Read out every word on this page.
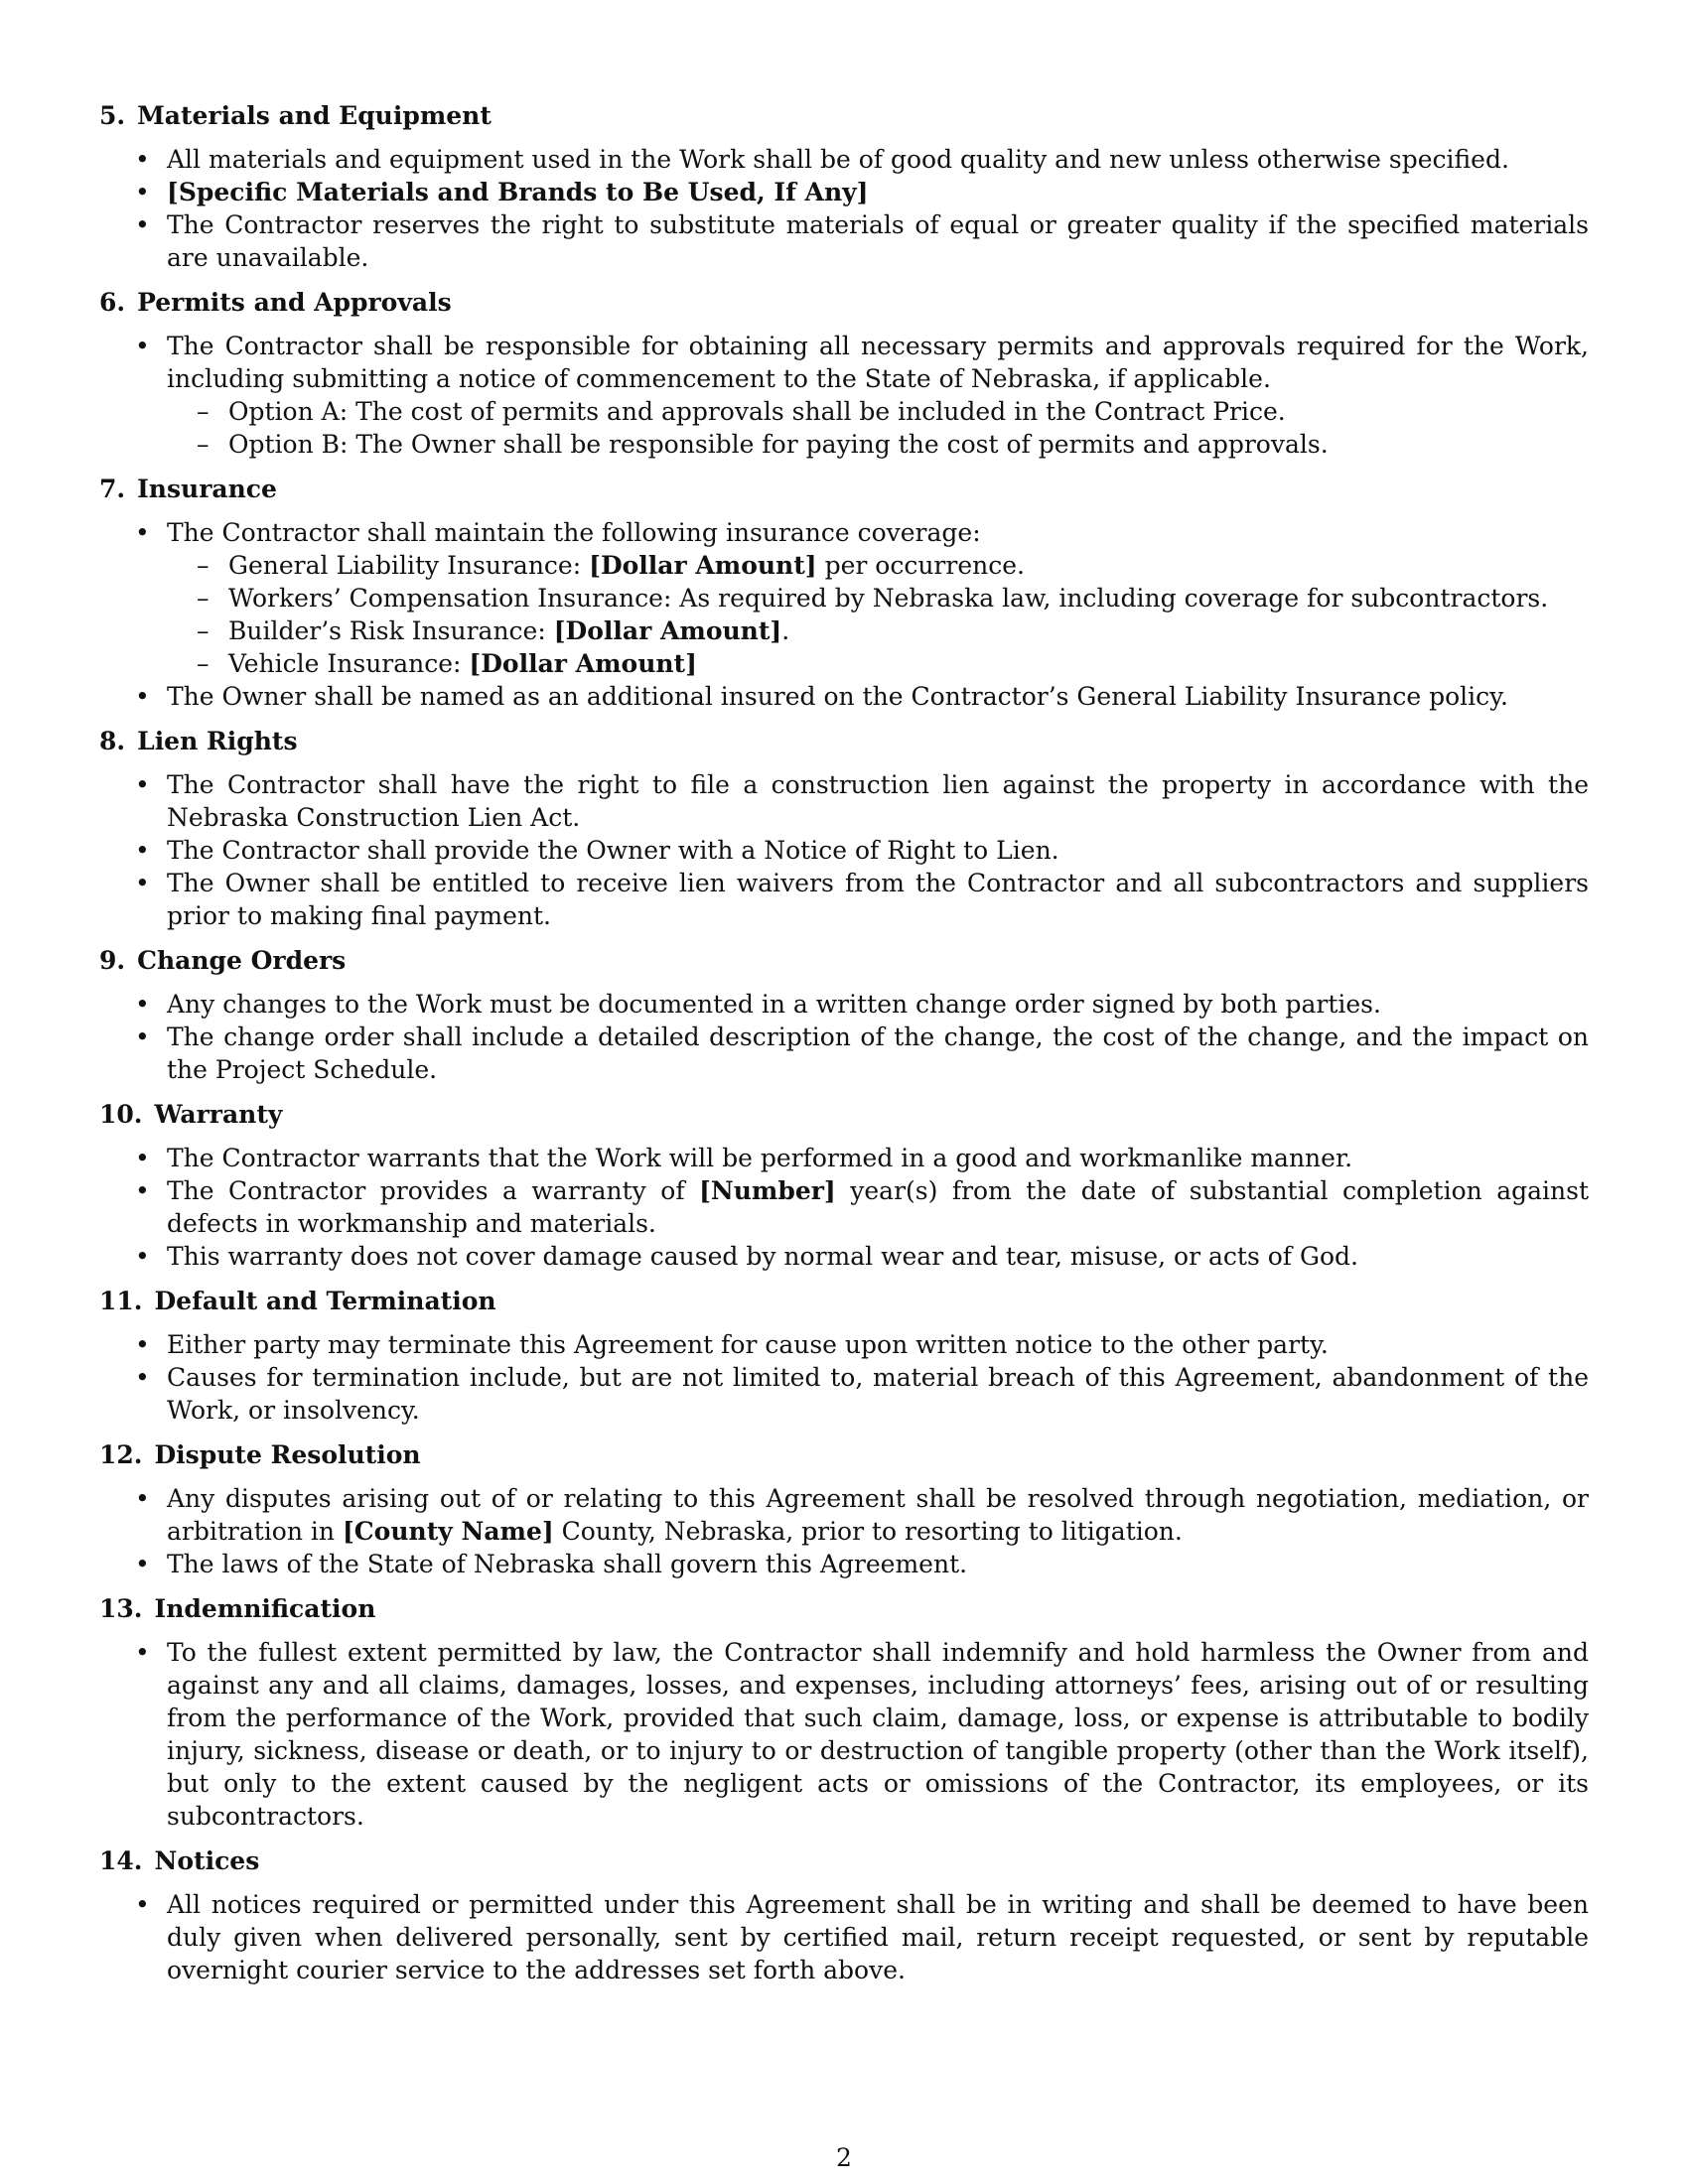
5. Materials and Equipment
• All materials and equipment used in the Work shall be of good quality and new unless otherwise specified.
• [Specific Materials and Brands to Be Used, If Any]
• The Contractor reserves the right to substitute materials of equal or greater quality if the specified materials are unavailable.
6. Permits and Approvals
• The Contractor shall be responsible for obtaining all necessary permits and approvals required for the Work, including submitting a notice of commencement to the State of Nebraska, if applicable.
– Option A: The cost of permits and approvals shall be included in the Contract Price.
– Option B: The Owner shall be responsible for paying the cost of permits and approvals.
7. Insurance
• The Contractor shall maintain the following insurance coverage:
– General Liability Insurance: [Dollar Amount] per occurrence.
– Workers’ Compensation Insurance: As required by Nebraska law, including coverage for subcontractors.
– Builder’s Risk Insurance: [Dollar Amount].
– Vehicle Insurance: [Dollar Amount]
• The Owner shall be named as an additional insured on the Contractor’s General Liability Insurance policy.
8. Lien Rights
• The Contractor shall have the right to file a construction lien against the property in accordance with the Nebraska Construction Lien Act.
• The Contractor shall provide the Owner with a Notice of Right to Lien.
• The Owner shall be entitled to receive lien waivers from the Contractor and all subcontractors and suppliers prior to making final payment.
9. Change Orders
• Any changes to the Work must be documented in a written change order signed by both parties.
• The change order shall include a detailed description of the change, the cost of the change, and the impact on the Project Schedule.
10. Warranty
• The Contractor warrants that the Work will be performed in a good and workmanlike manner.
• The Contractor provides a warranty of [Number] year(s) from the date of substantial completion against defects in workmanship and materials.
• This warranty does not cover damage caused by normal wear and tear, misuse, or acts of God.
11. Default and Termination
• Either party may terminate this Agreement for cause upon written notice to the other party.
• Causes for termination include, but are not limited to, material breach of this Agreement, abandonment of the Work, or insolvency.
12. Dispute Resolution
• Any disputes arising out of or relating to this Agreement shall be resolved through negotiation, mediation, or arbitration in [County Name] County, Nebraska, prior to resorting to litigation.
• The laws of the State of Nebraska shall govern this Agreement.
13. Indemnification
• To the fullest extent permitted by law, the Contractor shall indemnify and hold harmless the Owner from and against any and all claims, damages, losses, and expenses, including attorneys’ fees, arising out of or resulting from the performance of the Work, provided that such claim, damage, loss, or expense is attributable to bodily injury, sickness, disease or death, or to injury to or destruction of tangible property (other than the Work itself), but only to the extent caused by the negligent acts or omissions of the Contractor, its employees, or its subcontractors.
14. Notices
• All notices required or permitted under this Agreement shall be in writing and shall be deemed to have been duly given when delivered personally, sent by certified mail, return receipt requested, or sent by reputable overnight courier service to the addresses set forth above.
2
